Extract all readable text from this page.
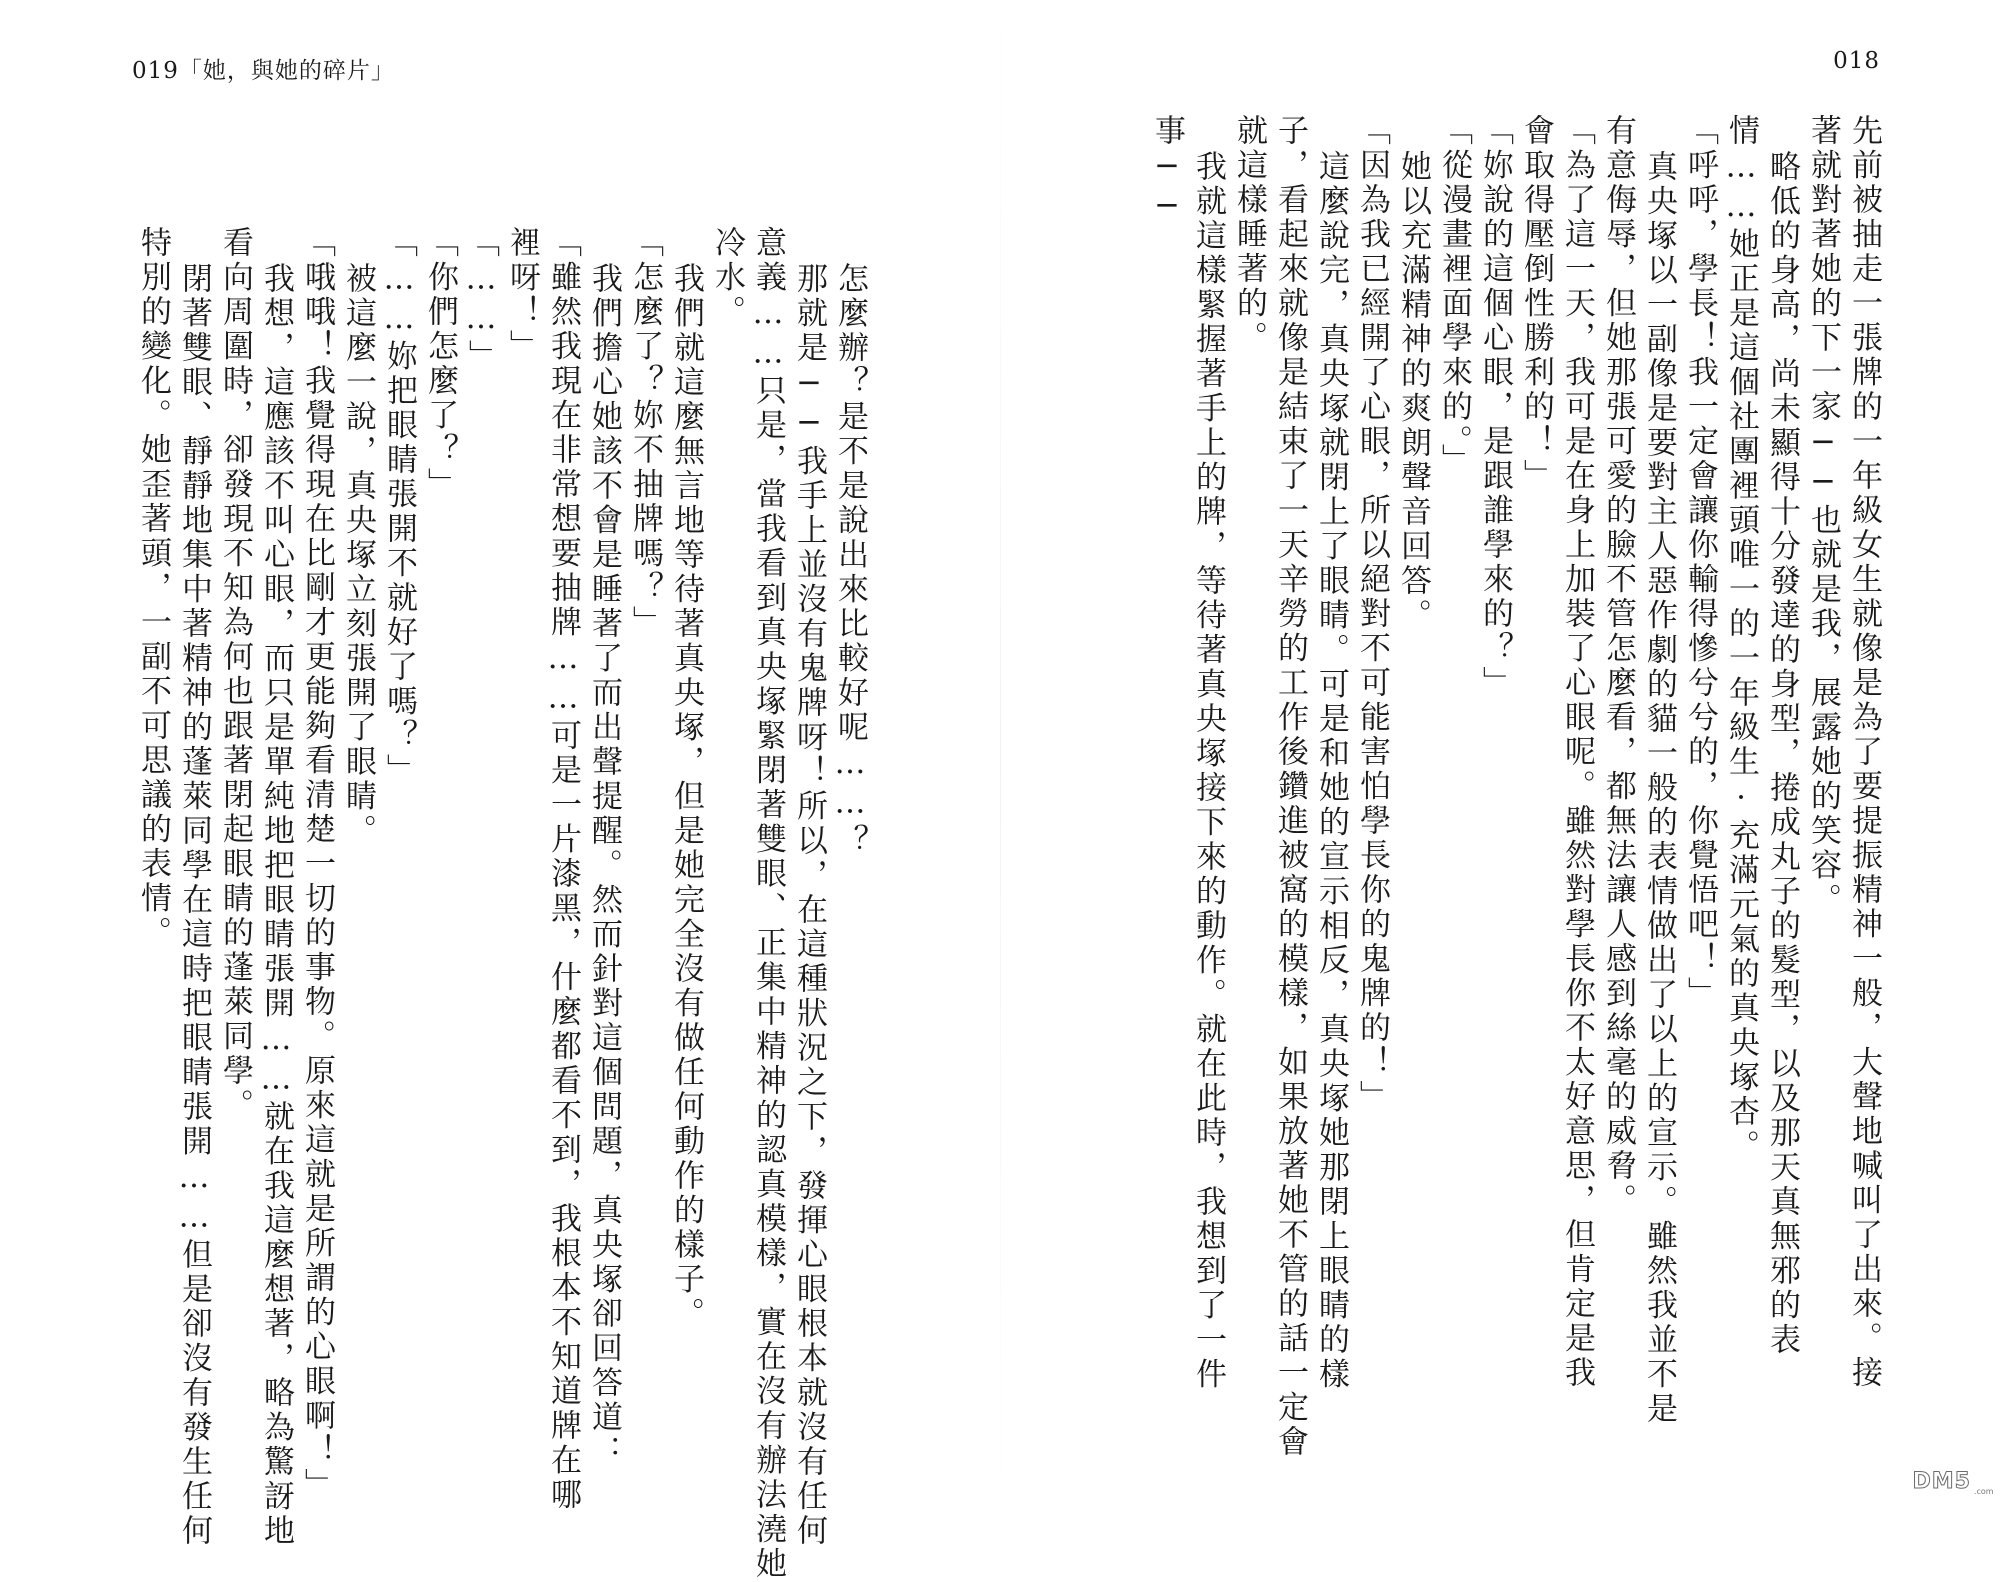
019「她，與她的碎片」	018
先前被抽走一張牌的一年級女生就像是為了要提振精神一般，大聲地喊叫了出來。接
著就對著她的下一家──也就是我，展露她的笑容。
略低的身高，尚未顯得十分發達的身型，捲成丸子的髮型，以及那天真無邪的表
情……她正是這個社團裡頭唯一的一年級生·充滿元氣的真央塚杏。
「呼呼，學長！我一定會讓你輸得慘兮兮的，你覺悟吧！」
真央塚以一副像是要對主人惡作劇的貓一般的表情做出了以上的宣示。雖然我並不是
有意侮辱，但她那張可愛的臉不管怎麼看，都無法讓人感到絲毫的威脅。
「為了這一天，我可是在身上加裝了心眼呢。雖然對學長你不太好意思，但肯定是我
會取得壓倒性勝利的！」
「妳說的這個心眼，是跟誰學來的？」
「從漫畫裡面學來的。」
她以充滿精神的爽朗聲音回答。
「因為我已經開了心眼，所以絕對不可能害怕學長你的鬼牌的！」
這麼說完，真央塚就閉上了眼睛。可是和她的宣示相反，真央塚她那閉上眼睛的樣
子，看起來就像是結束了一天辛勞的工作後鑽進被窩的模樣，如果放著她不管的話一定會
就這樣睡著的。
我就這樣緊握著手上的牌，等待著真央塚接下來的動作。就在此時，我想到了一件
事──
怎麼辦？是不是說出來比較好呢……？
那就是──我手上並沒有鬼牌呀！所以，在這種狀況之下，發揮心眼根本就沒有任何
意義……只是，當我看到真央塚緊閉著雙眼、正集中精神的認真模樣，實在沒有辦法澆她
冷水。
我們就這麼無言地等待著真央塚，但是她完全沒有做任何動作的樣子。
「怎麼了？妳不抽牌嗎？」
我們擔心她該不會是睡著了而出聲提醒。然而針對這個問題，真央塚卻回答道：
「雖然我現在非常想要抽牌……可是一片漆黑，什麼都看不到，我根本不知道牌在哪
裡呀！」
「……」
「你們怎麼了？」
「……妳把眼睛張開不就好了嗎？」
被這麼一說，真央塚立刻張開了眼睛。
「哦哦！我覺得現在比剛才更能夠看清楚一切的事物。原來這就是所謂的心眼啊！」
我想，這應該不叫心眼，而只是單純地把眼睛張開……就在我這麼想著，略為驚訝地
看向周圍時，卻發現不知為何也跟著閉起眼睛的蓬萊同學。
閉著雙眼、靜靜地集中著精神的蓬萊同學在這時把眼睛張開……但是卻沒有發生任何
特別的變化。她歪著頭，一副不可思議的表情。
DM5 .com
